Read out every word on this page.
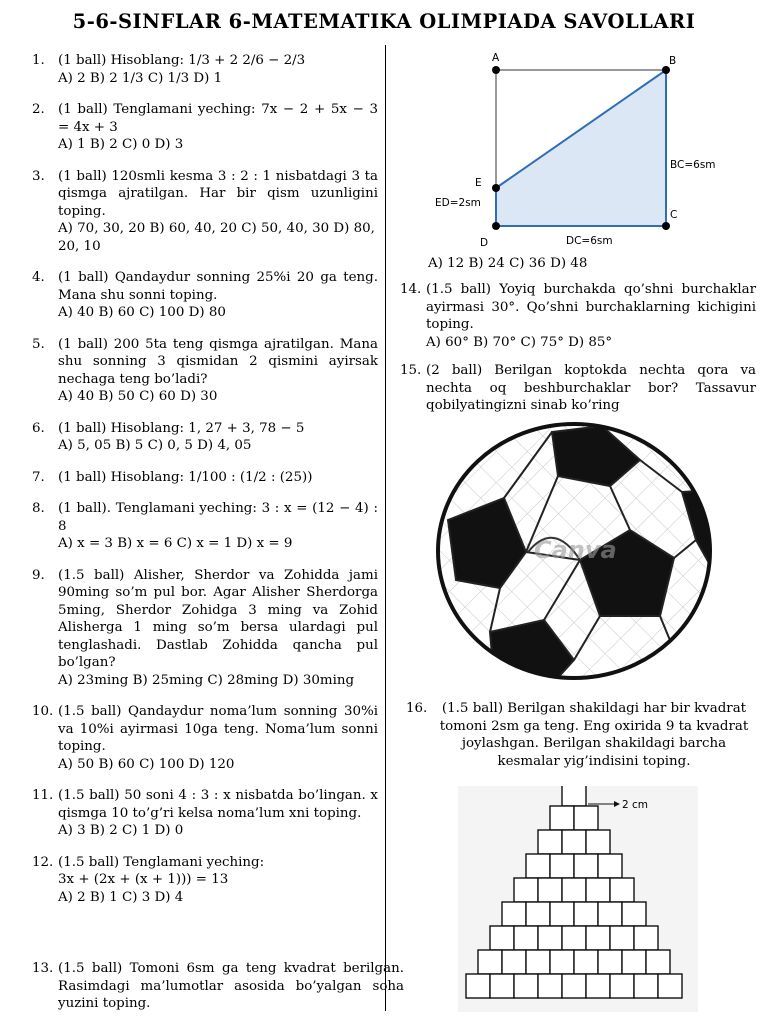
5-6-SINFLAR 6-MATEMATIKA OLIMPIADA SAVOLLARI
1. (1 ball) Hisoblang: 1/3 + 2 2/6 − 2/3
A) 2 B) 2 1/3 C) 1/3 D) 1
2. (1 ball) Tenglamani yeching: 7x − 2 + 5x − 3 = 4x + 3
A) 1 B) 2 C) 0 D) 3
3. (1 ball) 120smli kesma 3 : 2 : 1 nisbatdagi 3 ta qismga ajratilgan. Har bir qism uzunligini toping.
A) 70, 30, 20 B) 60, 40, 20 C) 50, 40, 30 D) 80, 20, 10
4. (1 ball) Qandaydur sonning 25%i 20 ga teng. Mana shu sonni toping.
A) 40 B) 60 C) 100 D) 80
5. (1 ball) 200 5ta teng qismga ajratilgan. Mana shu sonning 3 qismidan 2 qismini ayirsak nechaga teng bo’ladi?
A) 40 B) 50 C) 60 D) 30
6. (1 ball) Hisoblang: 1, 27 + 3, 78 − 5
A) 5, 05 B) 5 C) 0, 5 D) 4, 05
7. (1 ball) Hisoblang: 1/100 : (1/2 : (25))
8. (1 ball). Tenglamani yeching: 3 : x = (12 − 4) : 8
A) x = 3 B) x = 6 C) x = 1 D) x = 9
9. (1.5 ball) Alisher, Sherdor va Zohidda jami 90ming so’m pul bor. Agar Alisher Sherdorga 5ming, Sherdor Zohidga 3 ming va Zohid Alisherga 1 ming so’m bersa ulardagi pul tenglashadi. Dastlab Zohidda qancha pul bo’lgan?
A) 23ming B) 25ming C) 28ming D) 30ming
10. (1.5 ball) Qandaydur noma’lum sonning 30%i va 10%i ayirmasi 10ga teng. Noma’lum sonni toping.
A) 50 B) 60 C) 100 D) 120
11. (1.5 ball) 50 soni 4 : 3 : x nisbatda bo’lingan. x qismga 10 to’g’ri kelsa noma’lum xni toping.
A) 3 B) 2 C) 1 D) 0
12. (1.5 ball) Tenglamani yeching:
3x + (2x + (x + 1))) = 13
A) 2 B) 1 C) 3 D) 4
13. (1.5 ball) Tomoni 6sm ga teng kvadrat berilgan. Rasimdagi ma’lumotlar asosida bo’yalgan soha yuzini toping.
A) 12 B) 24 C) 36 D) 48
14. (1.5 ball) Yoyiq burchakda qo’shni burchaklar ayirmasi 30°. Qo’shni burchaklarning kichigini toping.
A) 60° B) 70° C) 75° D) 85°
15. (2 ball) Berilgan koptokda nechta qora va nechta oq beshburchaklar bor? Tassavur qobilyatingizni sinab ko’ring
16.	(1.5 ball) Berilgan shakildagi har bir kvadrat tomoni 2sm ga teng. Eng oxirida 9 ta kvadrat joylashgan. Berilgan shakildagi barcha kesmalar yig’indisini toping.
A	B
C
D
E
BC=6sm
ED=2sm
DC=6sm
Canva
2 cm
